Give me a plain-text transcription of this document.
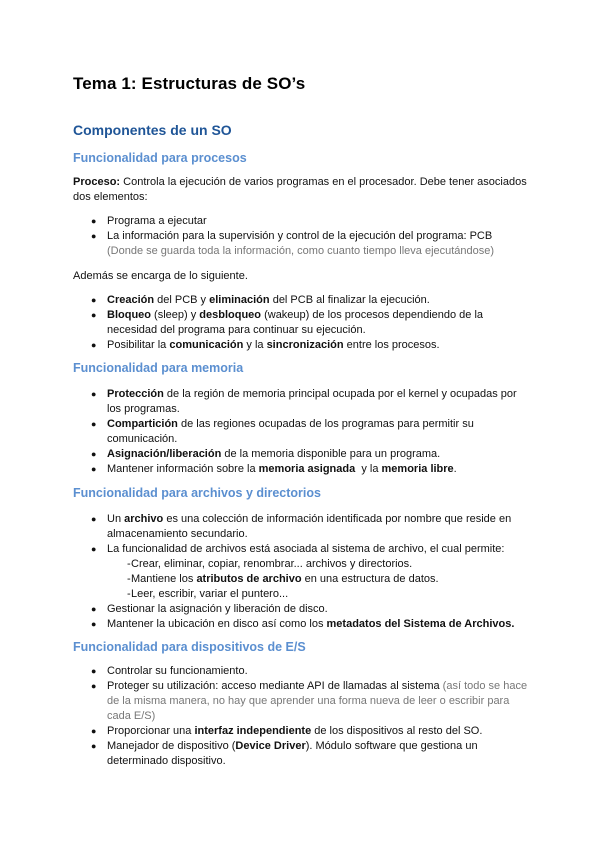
Tema 1: Estructuras de SO’s
Componentes de un SO
Funcionalidad para procesos
Proceso: Controla la ejecución de varios programas en el procesador. Debe tener asociados dos elementos:
● Programa a ejecutar
● La información para la supervisión y control de la ejecución del programa: PCB
(Donde se guarda toda la información, como cuanto tiempo lleva ejecutándose)
Además se encarga de lo siguiente.
● Creación del PCB y eliminación del PCB al finalizar la ejecución.
● Bloqueo (sleep) y desbloqueo (wakeup) de los procesos dependiendo de la necesidad del programa para continuar su ejecución.
● Posibilitar la comunicación y la sincronización entre los procesos.
Funcionalidad para memoria
● Protección de la región de memoria principal ocupada por el kernel y ocupadas por los programas.
● Compartición de las regiones ocupadas de los programas para permitir su comunicación.
● Asignación/liberación de la memoria disponible para un programa.
● Mantener información sobre la memoria asignada  y la memoria libre.
Funcionalidad para archivos y directorios
● Un archivo es una colección de información identificada por nombre que reside en almacenamiento secundario.
● La funcionalidad de archivos está asociada al sistema de archivo, el cual permite:
- Crear, eliminar, copiar, renombrar... archivos y directorios.
- Mantiene los atributos de archivo en una estructura de datos.
- Leer, escribir, variar el puntero...
● Gestionar la asignación y liberación de disco.
● Mantener la ubicación en disco así como los metadatos del Sistema de Archivos.
Funcionalidad para dispositivos de E/S
● Controlar su funcionamiento.
● Proteger su utilización: acceso mediante API de llamadas al sistema (así todo se hace de la misma manera, no hay que aprender una forma nueva de leer o escribir para cada E/S)
● Proporcionar una interfaz independiente de los dispositivos al resto del SO.
● Manejador de dispositivo (Device Driver). Módulo software que gestiona un determinado dispositivo.
